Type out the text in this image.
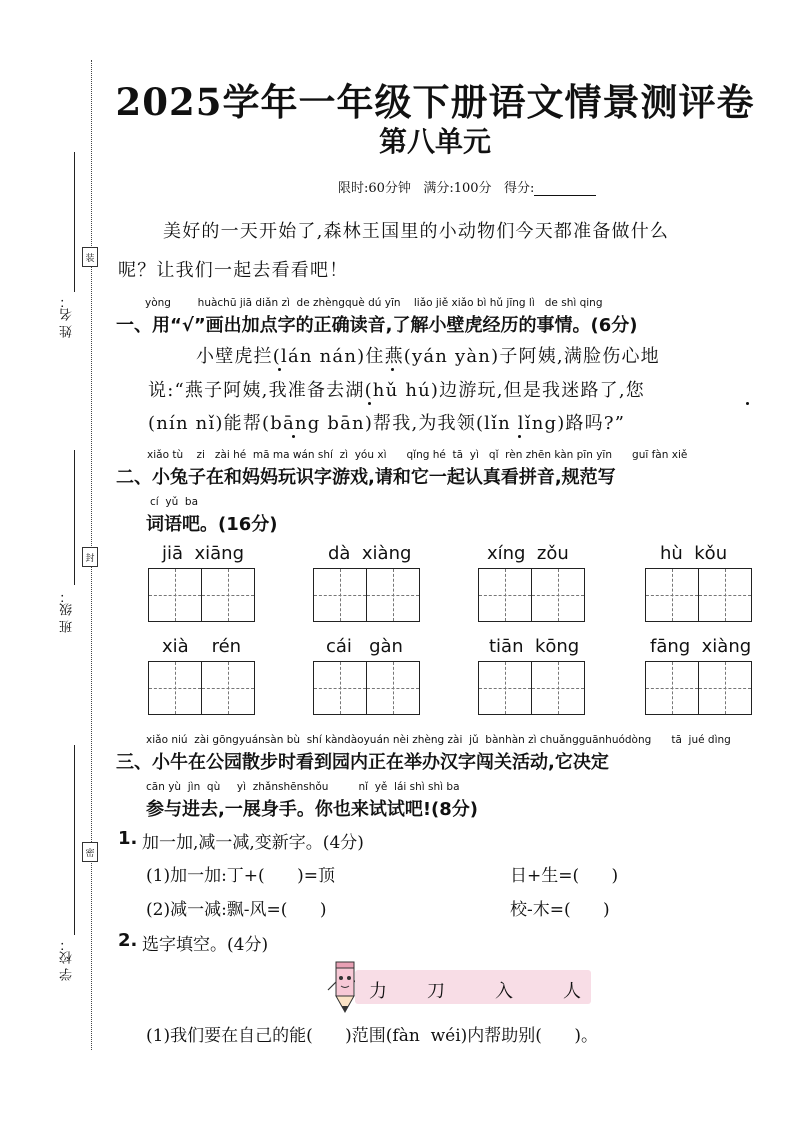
姓 名：
装
班 级：
封
学 校：
密
2025学年一年级下册语文情景测评卷
第八单元
限时:60分钟 满分:100分 得分:
美好的一天开始了,森林王国里的小动物们今天都准备做什么
呢？让我们一起去看看吧！
yòng        huàchū jiā diǎn zì  de zhèngquè dú yīn    liǎo jiě xiǎo bì hǔ jīng lì   de shì qing
一、用“√”画出加点字的正确读音,了解小壁虎经历的事情。(6分)
小壁虎拦(lán nán)住燕(yán yàn)子阿姨,满脸伤心地
说:“燕子阿姨,我准备去湖(hǔ hú)边游玩,但是我迷路了,您
(nín nǐ)能帮(bāng bān)帮我,为我领(lǐn lǐng)路吗?”
xiǎo tù    zi   zài hé  mā ma wán shí  zì  yóu xì      qǐng hé  tā  yì   qǐ  rèn zhēn kàn pīn yīn      guī fàn xiě
二、小兔子在和妈妈玩识字游戏,请和它一起认真看拼音,规范写
cí  yǔ  ba
词语吧。(16分)
jiā  xiāng	dà  xiàng	xíng  zǒu	hù  kǒu
xià    rén	cái   gàn	tiān  kōng	fāng  xiàng
xiǎo niú  zài gōngyuánsàn bù  shí kàndàoyuán nèi zhèng zài  jǔ  bànhàn zì chuǎngguānhuódòng      tā  jué dìng
三、小牛在公园散步时看到园内正在举办汉字闯关活动,它决定
cān yù  jìn  qù     yì  zhǎnshēnshǒu         nǐ  yě  lái shì shì ba
参与进去,一展身手。你也来试试吧!(8分)
1. 加一加,减一减,变新字。(4分)
(1)加一加:丁+(      )=顶	日+生=(      )
(2)减一减:飘-风=(      )	校-木=(      )
2. 选字填空。(4分)
力 刀	入	人
(1)我们要在自己的能(      )范围(fàn  wéi)内帮助别(      )。
